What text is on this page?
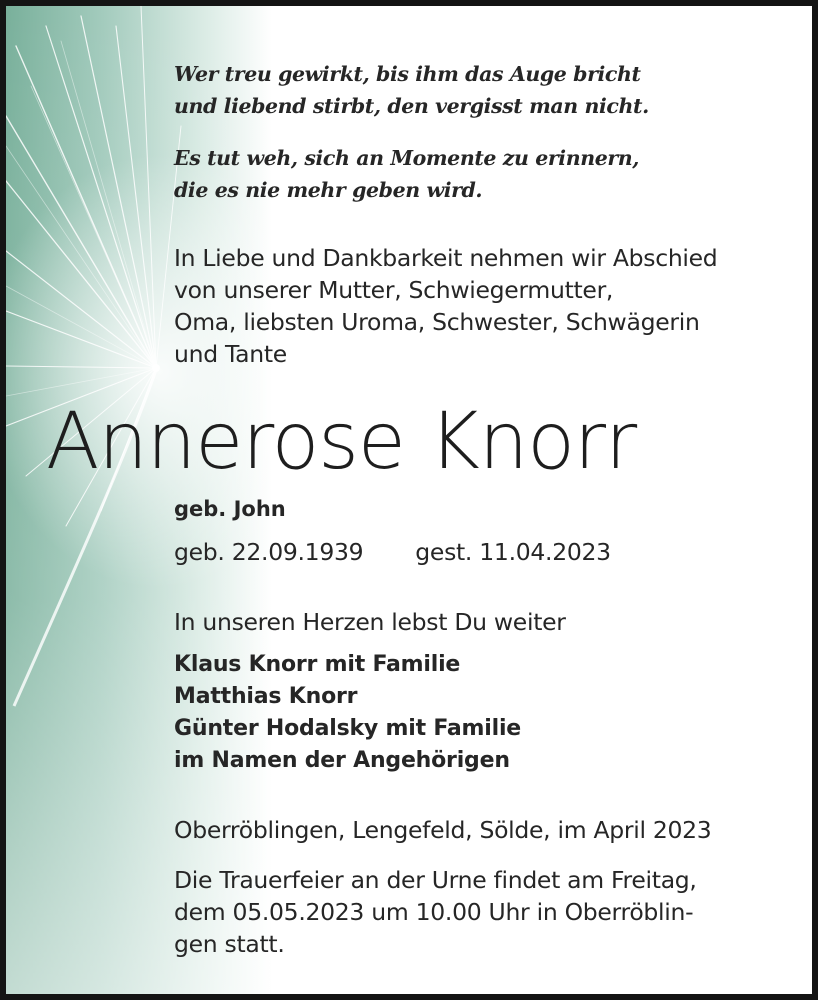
Wer treu gewirkt, bis ihm das Auge bricht
und liebend stirbt, den vergisst man nicht.
Es tut weh, sich an Momente zu erinnern,
die es nie mehr geben wird.
In Liebe und Dankbarkeit nehmen wir Abschied
von unserer Mutter, Schwiegermutter,
Oma, liebsten Uroma, Schwester, Schwägerin
und Tante
Annerose Knorr
geb. John
geb. 22.09.1939 gest. 11.04.2023
In unseren Herzen lebst Du weiter
Klaus Knorr mit Familie
Matthias Knorr
Günter Hodalsky mit Familie
im Namen der Angehörigen
Oberröblingen, Lengefeld, Sölde, im April 2023
Die Trauerfeier an der Urne findet am Freitag,
dem 05.05.2023 um 10.00 Uhr in Oberröblin-
gen statt.
